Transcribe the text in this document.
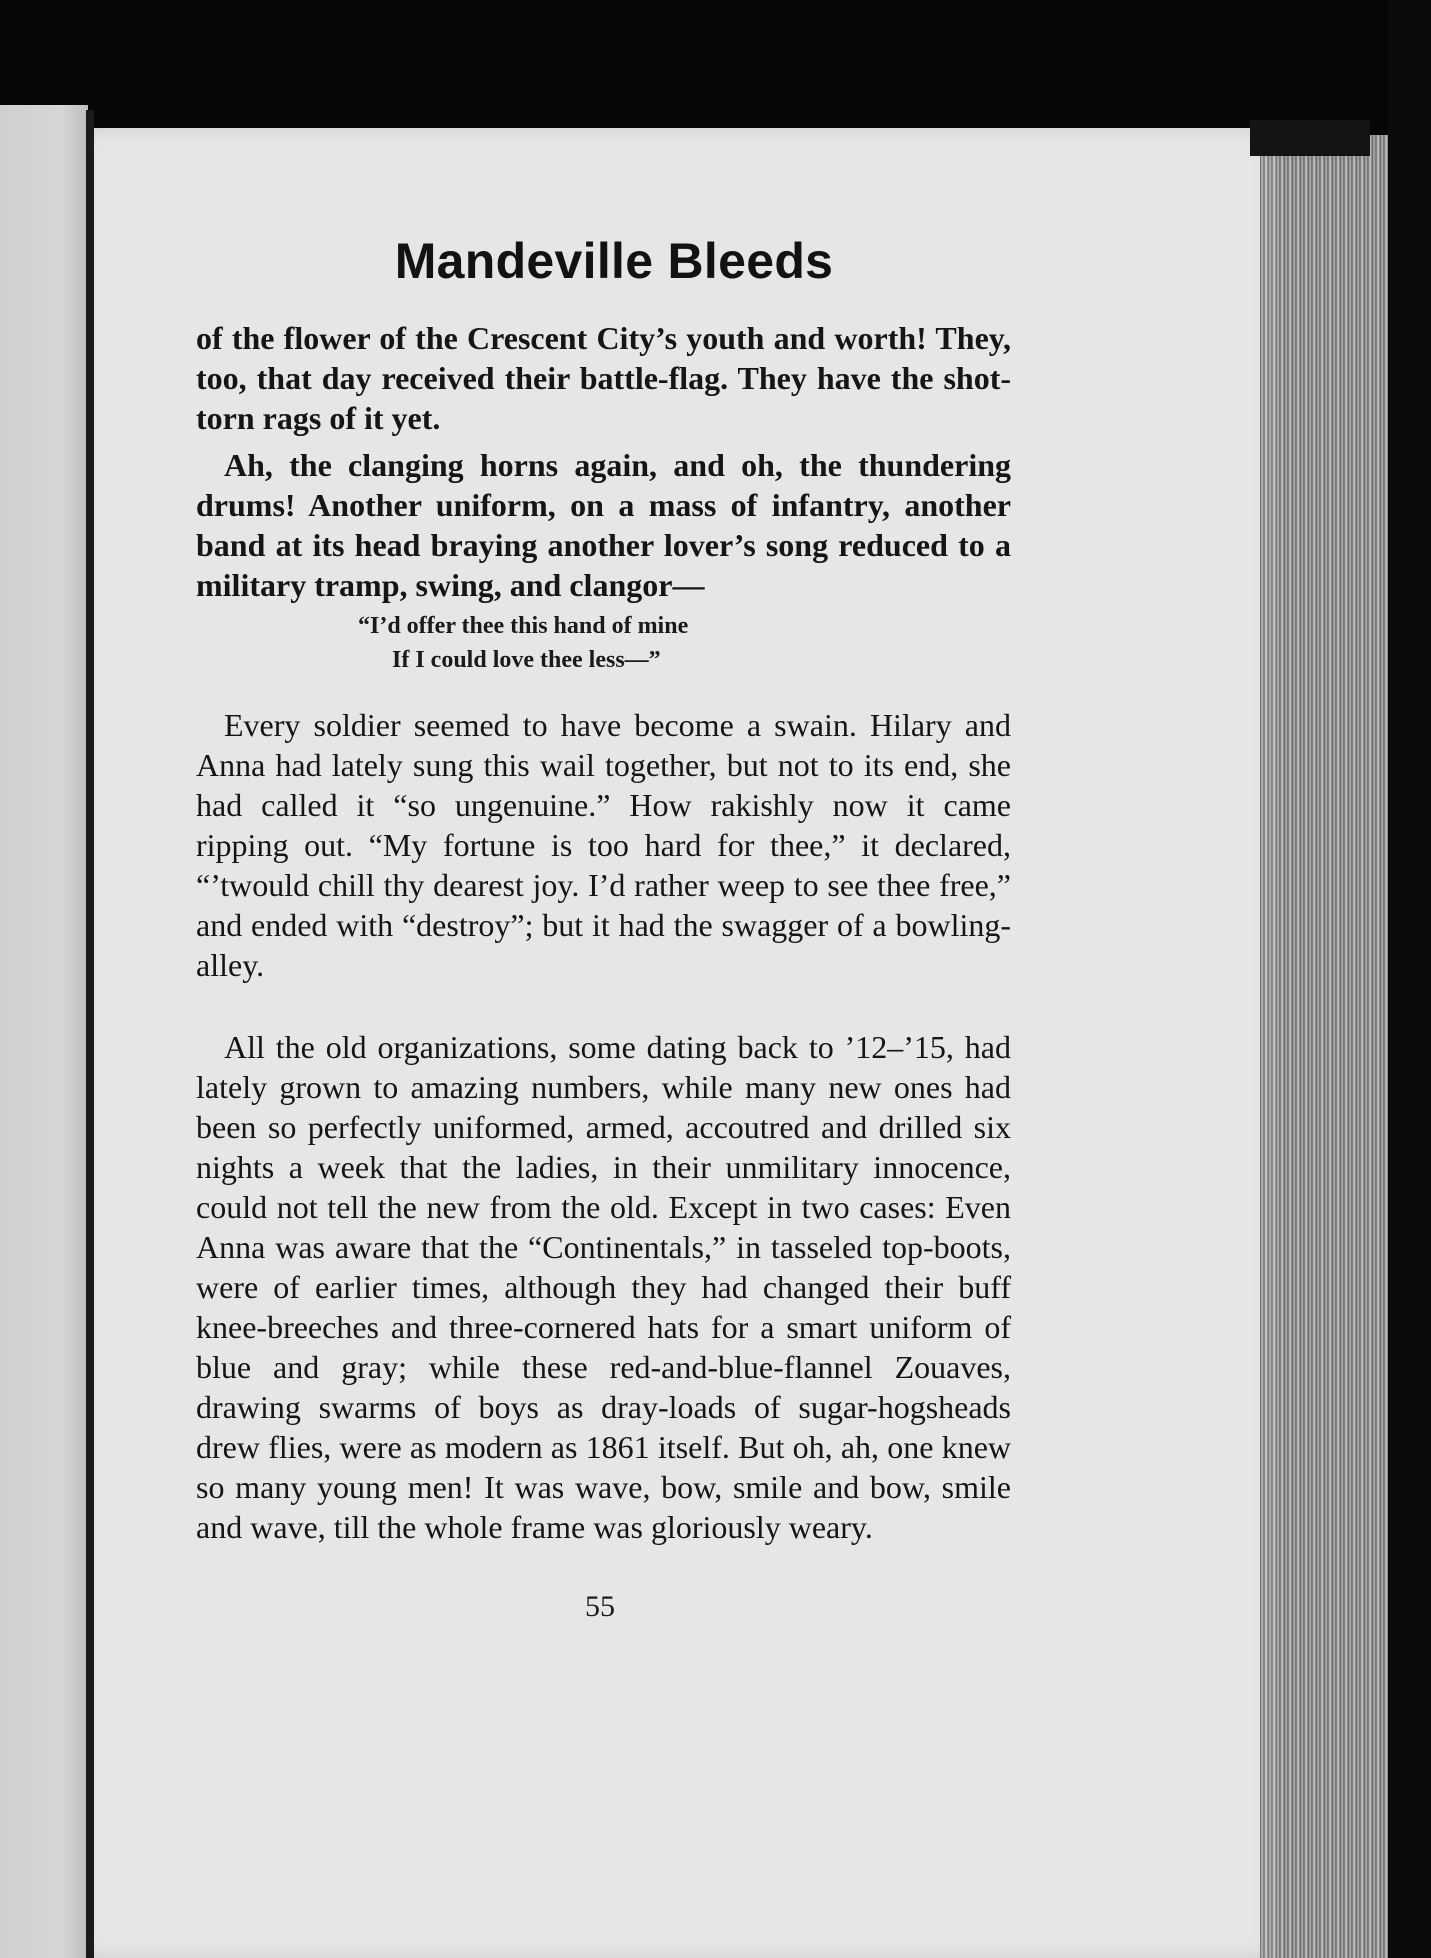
Mandeville Bleeds
of the flower of the Crescent City’s youth and worth! They, too, that day received their battle-flag. They have the shot-torn rags of it yet.
Ah, the clanging horns again, and oh, the thundering drums! Another uniform, on a mass of infantry, another band at its head braying another lover’s song reduced to a military tramp, swing, and clangor—
“I’d offer thee this hand of mine
If I could love thee less—”
Every soldier seemed to have become a swain. Hilary and Anna had lately sung this wail together, but not to its end, she had called it “so ungenuine.” How rakishly now it came ripping out. “My fortune is too hard for thee,” it declared, “’twould chill thy dearest joy. I’d rather weep to see thee free,” and ended with “destroy”; but it had the swagger of a bowling-alley.
All the old organizations, some dating back to ’12–’15, had lately grown to amazing numbers, while many new ones had been so perfectly uniformed, armed, accoutred and drilled six nights a week that the ladies, in their unmilitary innocence, could not tell the new from the old. Except in two cases: Even Anna was aware that the “Continentals,” in tasseled top-boots, were of earlier times, although they had changed their buff knee-breeches and three-cornered hats for a smart uniform of blue and gray; while these red-and-blue-flannel Zouaves, drawing swarms of boys as dray-loads of sugar-hogsheads drew flies, were as modern as 1861 itself. But oh, ah, one knew so many young men! It was wave, bow, smile and bow, smile and wave, till the whole frame was gloriously weary.
55
